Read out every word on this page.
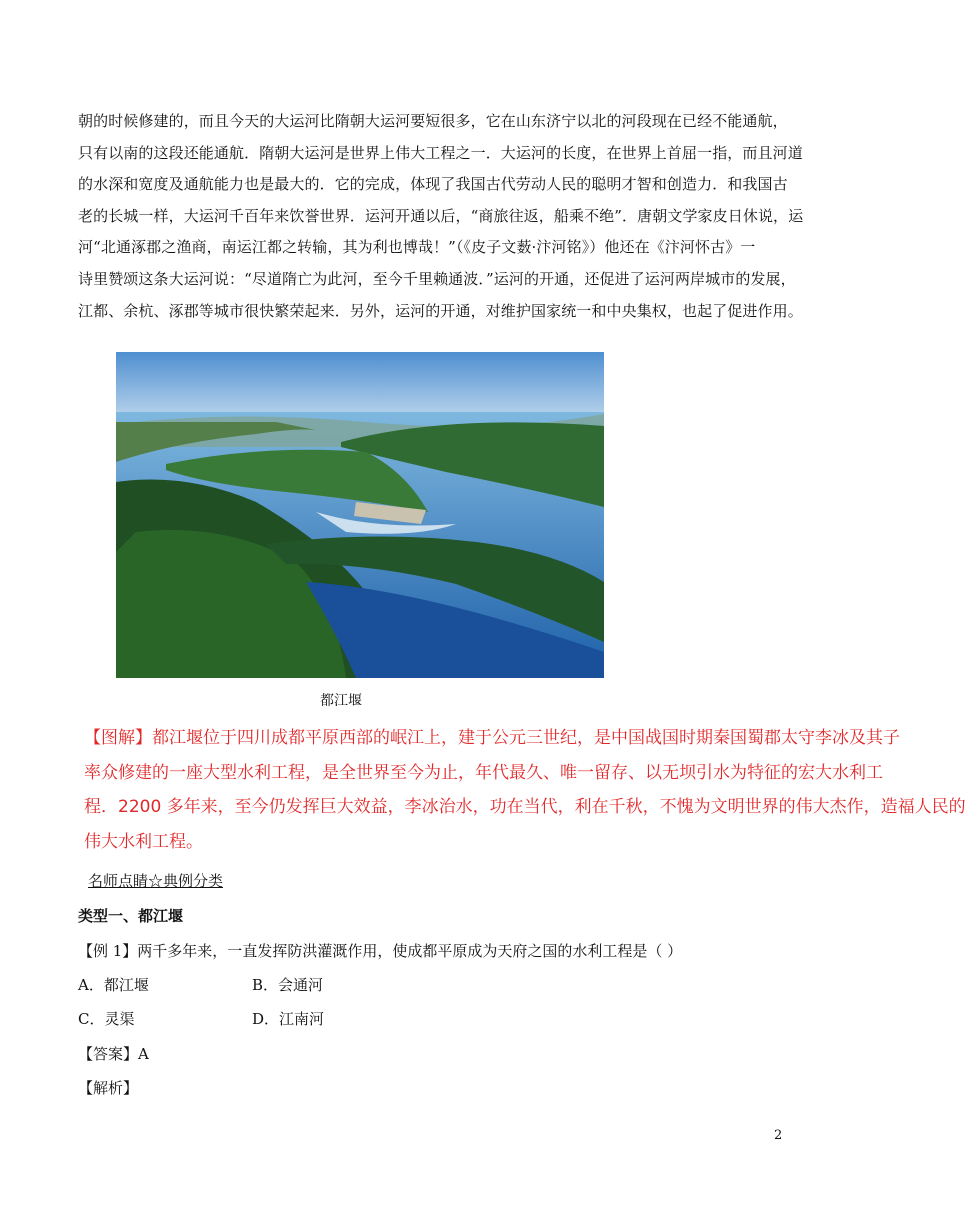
朝的时候修建的，而且今天的大运河比隋朝大运河要短很多，它在山东济宁以北的河段现在已经不能通航，
只有以南的这段还能通航．隋朝大运河是世界上伟大工程之一．大运河的长度，在世界上首屈一指，而且河道
的水深和宽度及通航能力也是最大的．它的完成，体现了我国古代劳动人民的聪明才智和创造力．和我国古
老的长城一样，大运河千百年来饮誉世界．运河开通以后，“商旅往返，船乘不绝”．唐朝文学家皮日休说，运
河“北通涿郡之渔商，南运江都之转输，其为利也博哉！”（《皮子文薮·汴河铭》）他还在《汴河怀古》一
诗里赞颂这条大运河说：“尽道隋亡为此河，至今千里赖通波．”运河的开通，还促进了运河两岸城市的发展，
江都、余杭、涿郡等城市很快繁荣起来．另外，运河的开通，对维护国家统一和中央集权，也起了促进作用。
都江堰
【图解】都江堰位于四川成都平原西部的岷江上，建于公元三世纪，是中国战国时期秦国蜀郡太守李冰及其子
率众修建的一座大型水利工程，是全世界至今为止，年代最久、唯一留存、以无坝引水为特征的宏大水利工
程．2200 多年来，至今仍发挥巨大效益，李冰治水，功在当代，利在千秋，不愧为文明世界的伟大杰作，造福人民的
伟大水利工程。
名师点睛☆典例分类
类型一、都江堰
【例 1】两千多年来，一直发挥防洪灌溉作用，使成都平原成为天府之国的水利工程是（ ）
A．都江堰	B．会通河
C．灵渠	D．江南河
【答案】A
【解析】
2
